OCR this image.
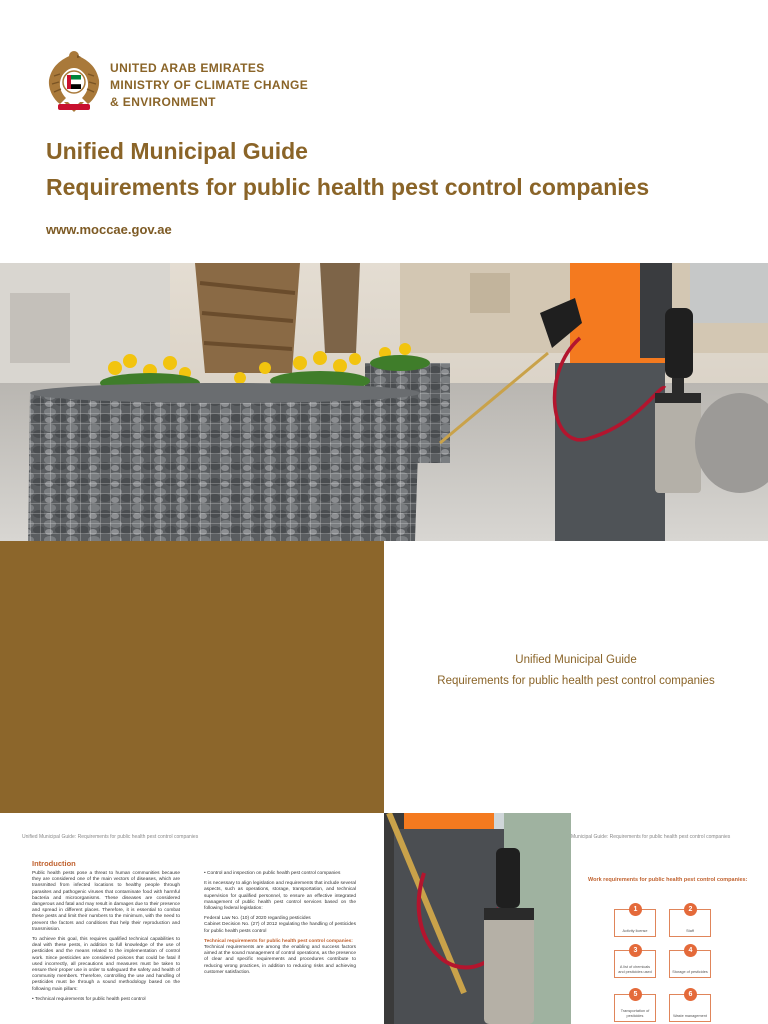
UNITED ARAB EMIRATES
MINISTRY OF CLIMATE CHANGE
& ENVIRONMENT
Unified Municipal Guide
Requirements for public health pest control companies
www.moccae.gov.ae
Unified Municipal Guide
Requirements for public health pest control companies
Unified Municipal Guide: Requirements for public health pest control companies
Introduction

Public health pests pose a threat to human communities because they are considered one of the main vectors of diseases, which are transmitted from infected locations to healthy people through parasites and pathogenic viruses that contaminate food with harmful bacteria and microorganisms. These diseases are considered dangerous and fatal and may result in damages due to their presence and spread in different places. Therefore, it is essential to combat these pests and limit their numbers to the minimum, with the need to prevent the factors and conditions that help their reproduction and transmission.

To achieve this goal, this requires qualified technical capabilities to deal with these pests, in addition to full knowledge of the use of pesticides and the means related to the implementation of control work. Since pesticides are considered poisons that could be fatal if used incorrectly, all precautions and measures must be taken to ensure their proper use in order to safeguard the safety and health of community members. Therefore, controlling the use and handling of pesticides must be through a sound methodology based on the following main pillars:

• Technical requirements for public health pest control

• Control and inspection on public health pest control companies

It is necessary to align legislation and requirements that include several aspects, such as operations, storage, transportation, and technical supervision for qualified personnel, to ensure an effective integrated management of public health pest control services based on the following federal legislation:

Federal Law No. (10) of 2020 regarding pesticides

Cabinet Decision No. (27) of 2012 regulating the handling of pesticides for public health pests control

Technical requirements for public health pest control companies:

Technical requirements are among the enabling and success factors aimed at the sound management of control operations, as the presence of clear and specific requirements and procedures contribute to reducing wrong practices, in addition to reducing risks and achieving customer satisfaction.

Municipal Guide: Requirements for public health pest control companies
Work requirements for public health pest control companies:
1
Activity license
2
Staff
3
A list of chemicals and pesticides used
4
Storage of pesticides
5
Transportation of pesticides
6
Waste management
